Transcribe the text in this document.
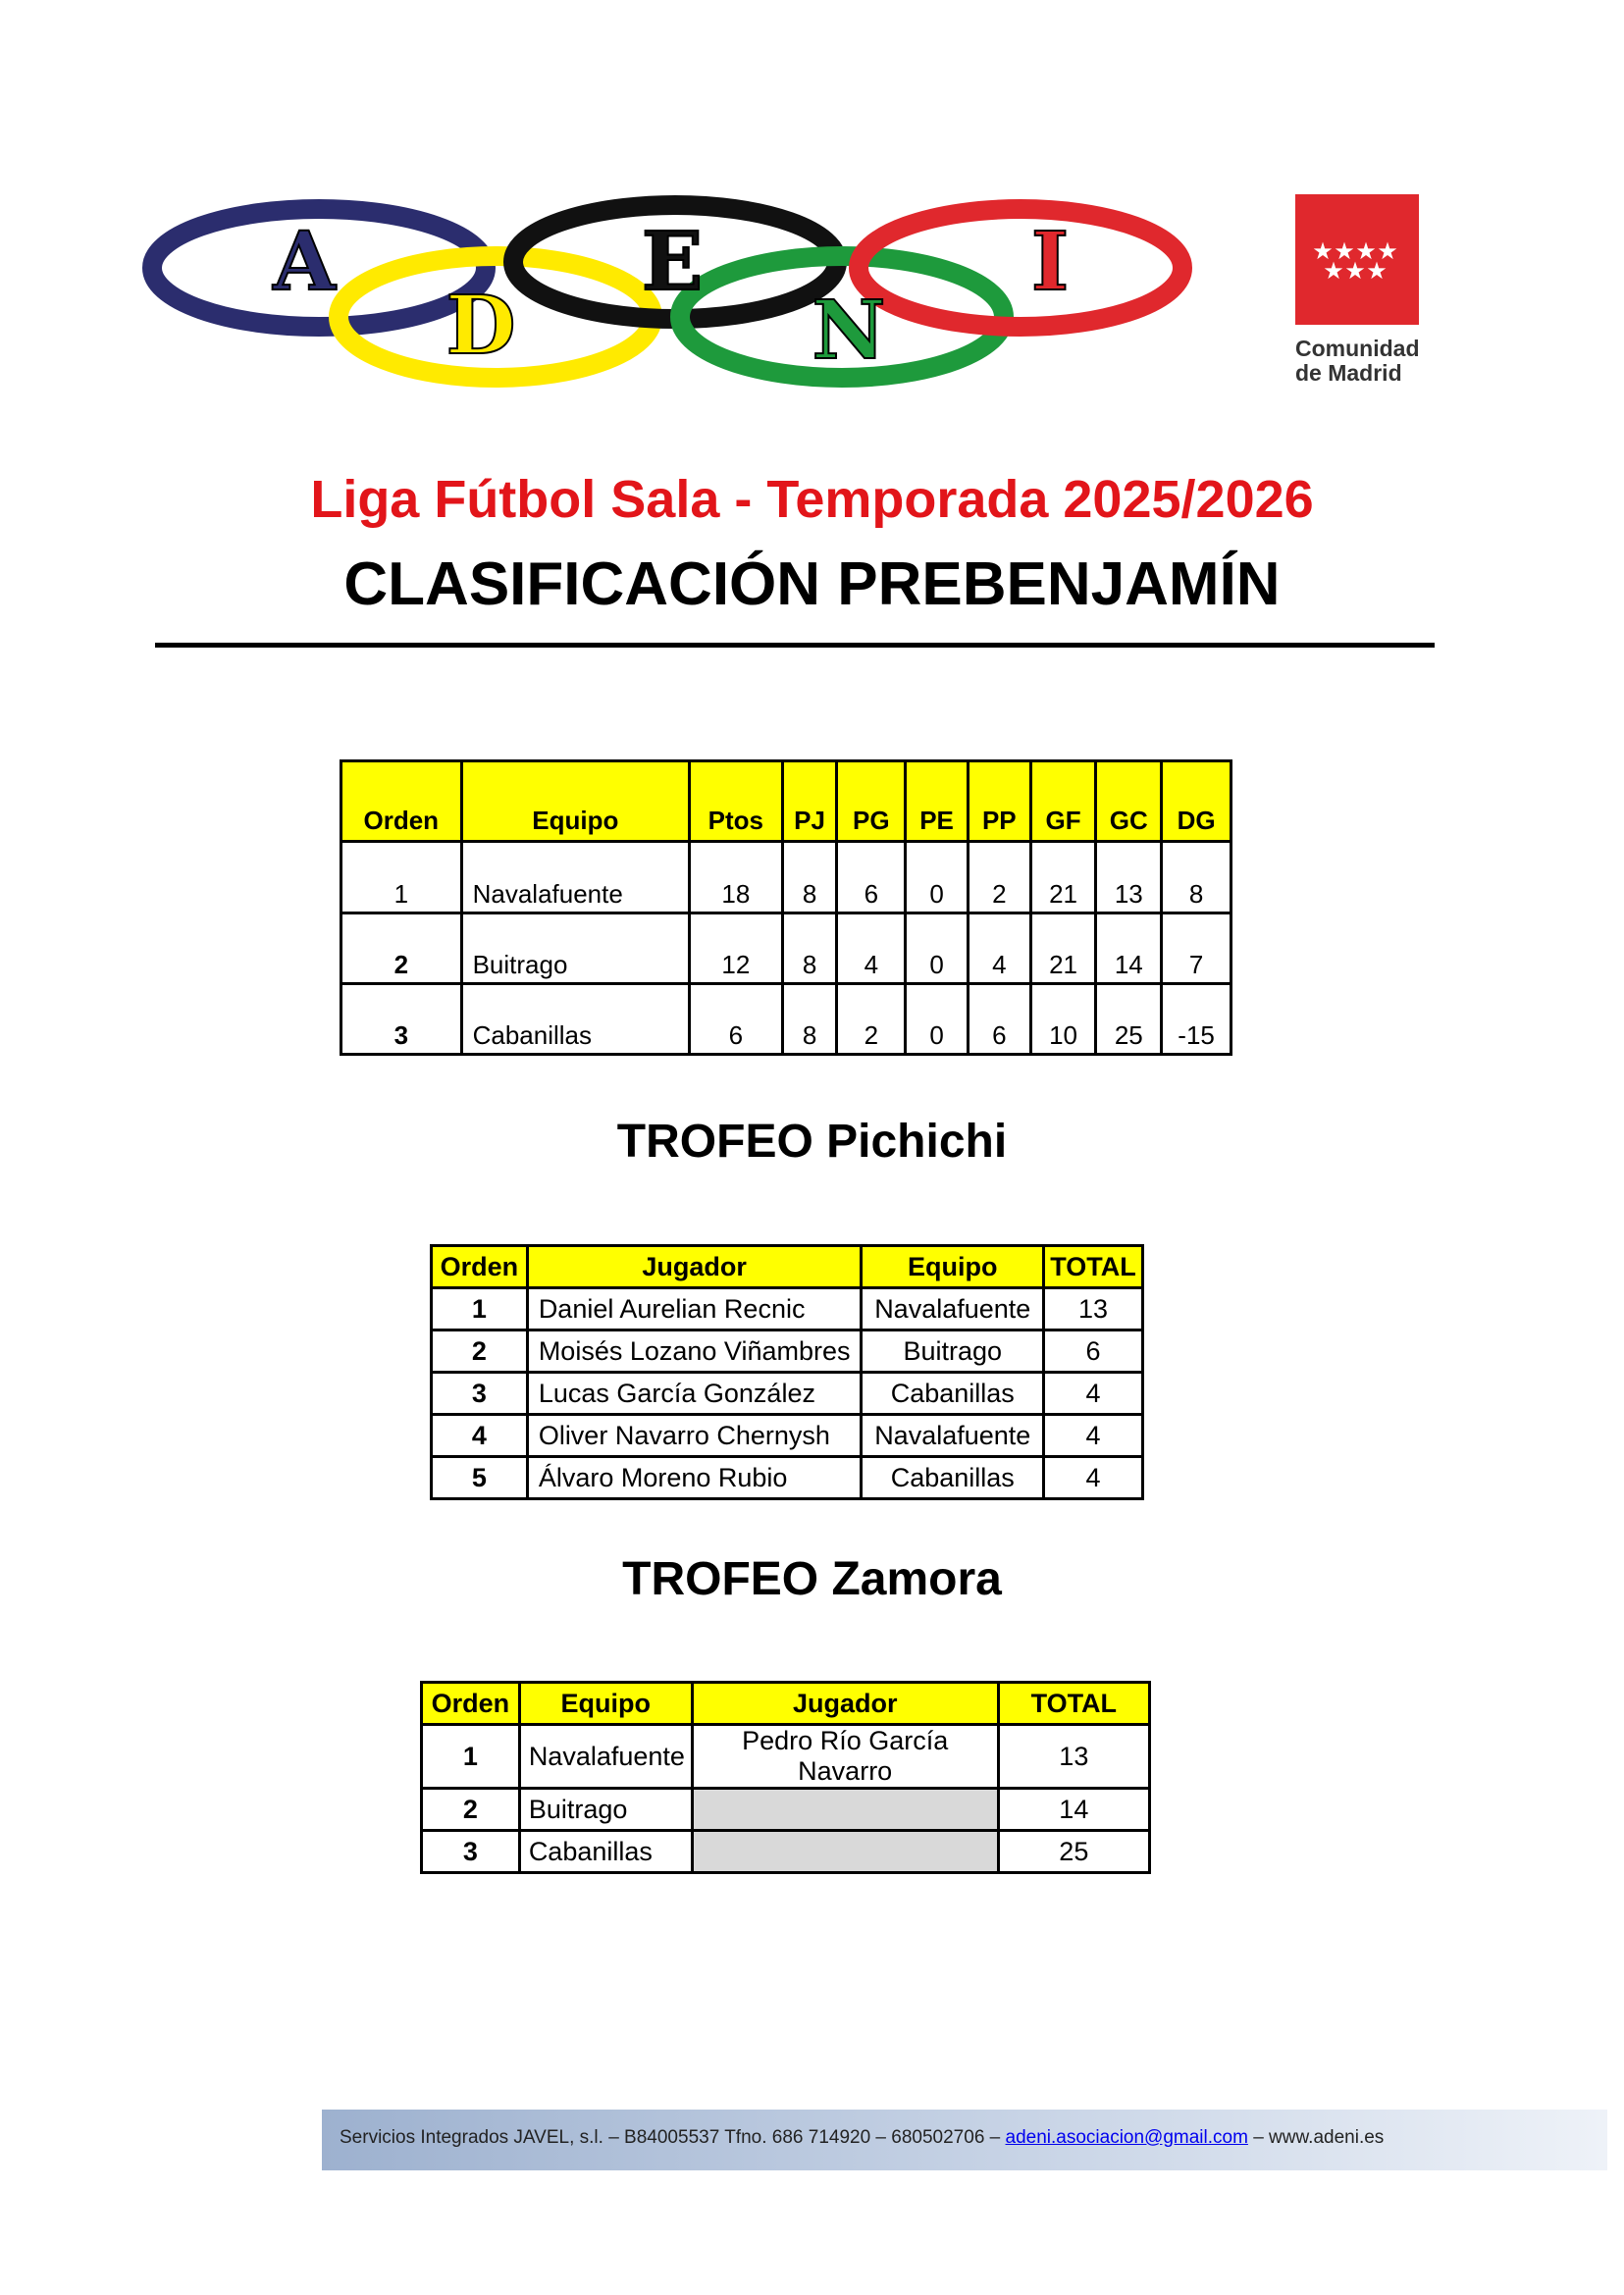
A
D
E
N
I	★ ★ ★ ★
★ ★ ★
Comunidad
de Madrid
Liga Fútbol Sala - Temporada 2025/2026
CLASIFICACIÓN PREBENJAMÍN
Orden	Equipo	Ptos	PJ	PG	PE	PP	GF	GC	DG
1	Navalafuente	18	8	6	0	2	21	13	8
2	Buitrago	12	8	4	0	4	21	14	7
3	Cabanillas	6	8	2	0	6	10	25	-15
TROFEO Pichichi
Orden	Jugador	Equipo	TOTAL
1	Daniel Aurelian Recnic	Navalafuente	13
2	Moisés Lozano Viñambres	Buitrago	6
3	Lucas García González	Cabanillas	4
4	Oliver Navarro Chernysh	Navalafuente	4
5	Álvaro Moreno Rubio	Cabanillas	4
TROFEO Zamora
Orden	Equipo	Jugador	TOTAL
1	Navalafuente	Pedro Río García Navarro	13
2	Buitrago		14
3	Cabanillas		25
Servicios Integrados JAVEL, s.l. – B84005537 Tfno. 686 714920 – 680502706 – adeni.asociacion@gmail.com – www.adeni.es
